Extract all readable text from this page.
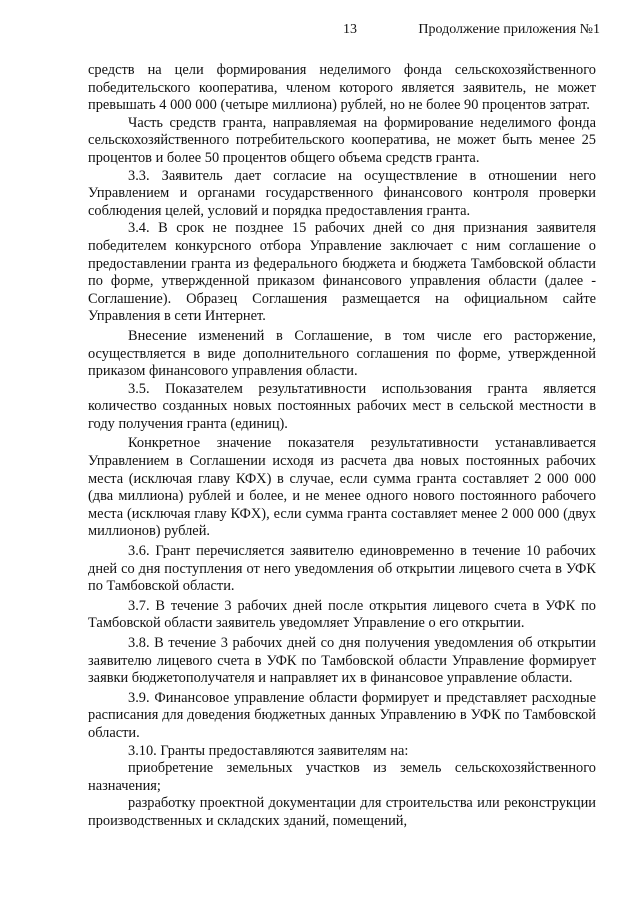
13	Продолжение приложения №1

средств на цели формирования неделимого фонда сельскохозяйственного победительского кооператива, членом которого является заявитель, не может превышать 4 000 000 (четыре миллиона) рублей, но не более 90 процентов затрат.

Часть средств гранта, направляемая на формирование неделимого фонда сельскохозяйственного потребительского кооператива, не может быть менее 25 процентов и более 50 процентов общего объема средств гранта.

3.3. Заявитель дает согласие на осуществление в отношении него Управлением и органами государственного финансового контроля проверки соблюдения целей, условий и порядка предоставления гранта.

3.4. В срок не позднее 15 рабочих дней со дня признания заявителя победителем конкурсного отбора Управление заключает с ним соглашение о предоставлении гранта из федерального бюджета и бюджета Тамбовской области по форме, утвержденной приказом финансового управления области (далее - Соглашение). Образец Соглашения размещается на официальном сайте Управления в сети Интернет.

Внесение изменений в Соглашение, в том числе его расторжение, осуществляется в виде дополнительного соглашения по форме, утвержденной приказом финансового управления области.

3.5. Показателем результативности использования гранта является количество созданных новых постоянных рабочих мест в сельской местности в году получения гранта (единиц).

Конкретное значение показателя результативности устанавливается Управлением в Соглашении исходя из расчета два новых постоянных рабочих места (исключая главу КФХ) в случае, если сумма гранта составляет 2 000 000 (два миллиона) рублей и более, и не менее одного нового постоянного рабочего места (исключая главу КФХ), если сумма гранта составляет менее 2 000 000 (двух миллионов) рублей.

3.6. Грант перечисляется заявителю единовременно в течение 10 рабочих дней со дня поступления от него уведомления об открытии лицевого счета в УФК по Тамбовской области.

3.7. В течение 3 рабочих дней после открытия лицевого счета в УФК по Тамбовской области заявитель уведомляет Управление о его открытии.

3.8. В течение 3 рабочих дней со дня получения уведомления об открытии заявителю лицевого счета в УФК по Тамбовской области Управление формирует заявки бюджетополучателя и направляет их в финансовое управление области.

3.9. Финансовое управление области формирует и представляет расходные расписания для доведения бюджетных данных Управлению в УФК по Тамбовской области.

3.10. Гранты предоставляются заявителям на:

приобретение земельных участков из земель сельскохозяйственного назначения;

разработку проектной документации для строительства или реконструкции производственных и складских зданий, помещений,
